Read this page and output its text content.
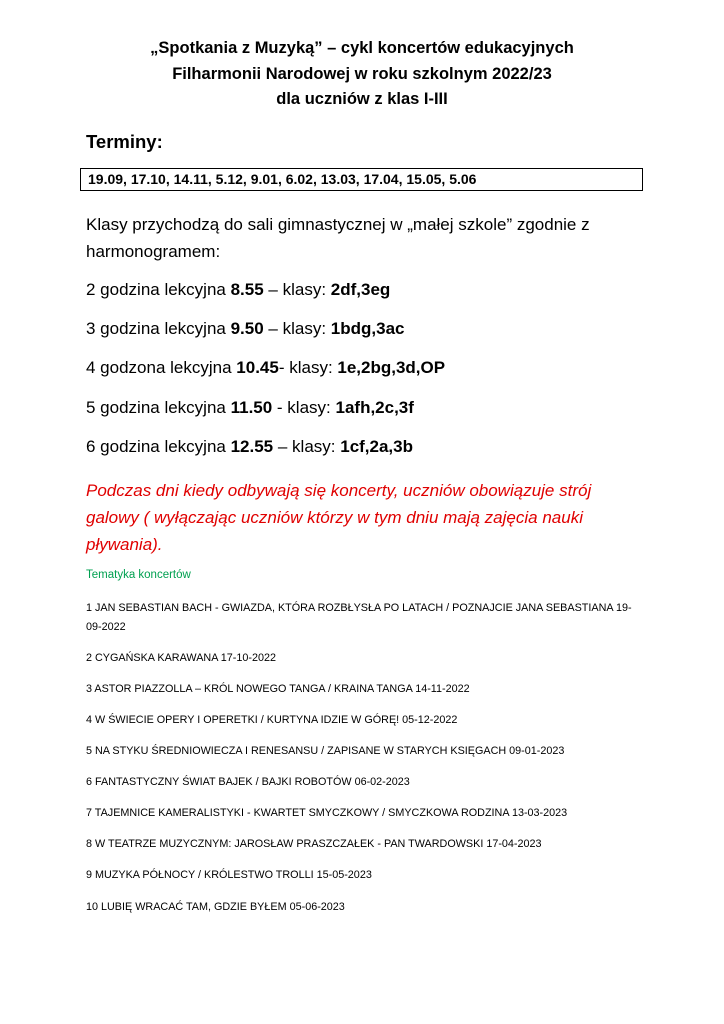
„Spotkania z Muzyką” – cykl koncertów edukacyjnych
Filharmonii Narodowej w roku szkolnym 2022/23
dla uczniów z klas I-III
Terminy:
19.09, 17.10, 14.11, 5.12, 9.01, 6.02, 13.03, 17.04, 15.05, 5.06
Klasy przychodzą do sali gimnastycznej w „małej szkole” zgodnie z harmonogramem:
2 godzina lekcyjna 8.55 – klasy: 2df,3eg
3 godzina lekcyjna 9.50 – klasy: 1bdg,3ac
4 godzona lekcyjna 10.45- klasy: 1e,2bg,3d,OP
5 godzina lekcyjna 11.50 - klasy: 1afh,2c,3f
6 godzina lekcyjna 12.55 – klasy: 1cf,2a,3b
Podczas dni kiedy odbywają się koncerty, uczniów obowiązuje strój galowy ( wyłączając uczniów którzy w tym dniu mają zajęcia nauki pływania).
Tematyka koncertów
1 JAN SEBASTIAN BACH - GWIAZDA, KTÓRA ROZBŁYSŁA PO LATACH / POZNAJCIE JANA SEBASTIANA 19-09-2022
2 CYGAŃSKA KARAWANA 17-10-2022
3 ASTOR PIAZZOLLA – KRÓL NOWEGO TANGA / KRAINA TANGA 14-11-2022
4 W ŚWIECIE OPERY I OPERETKI / KURTYNA IDZIE W GÓRĘ! 05-12-2022
5 NA STYKU ŚREDNIOWIECZA I RENESANSU / ZAPISANE W STARYCH KSIĘGACH 09-01-2023
6 FANTASTYCZNY ŚWIAT BAJEK / BAJKI ROBOTÓW 06-02-2023
7 TAJEMNICE KAMERALISTYKI - KWARTET SMYCZKOWY / SMYCZKOWA RODZINA 13-03-2023
8 W TEATRZE MUZYCZNYM: JAROSŁAW PRASZCZAŁEK - PAN TWARDOWSKI 17-04-2023
9 MUZYKA PÓŁNOCY / KRÓLESTWO TROLLI 15-05-2023
10 LUBIĘ WRACAĆ TAM, GDZIE BYŁEM 05-06-2023
